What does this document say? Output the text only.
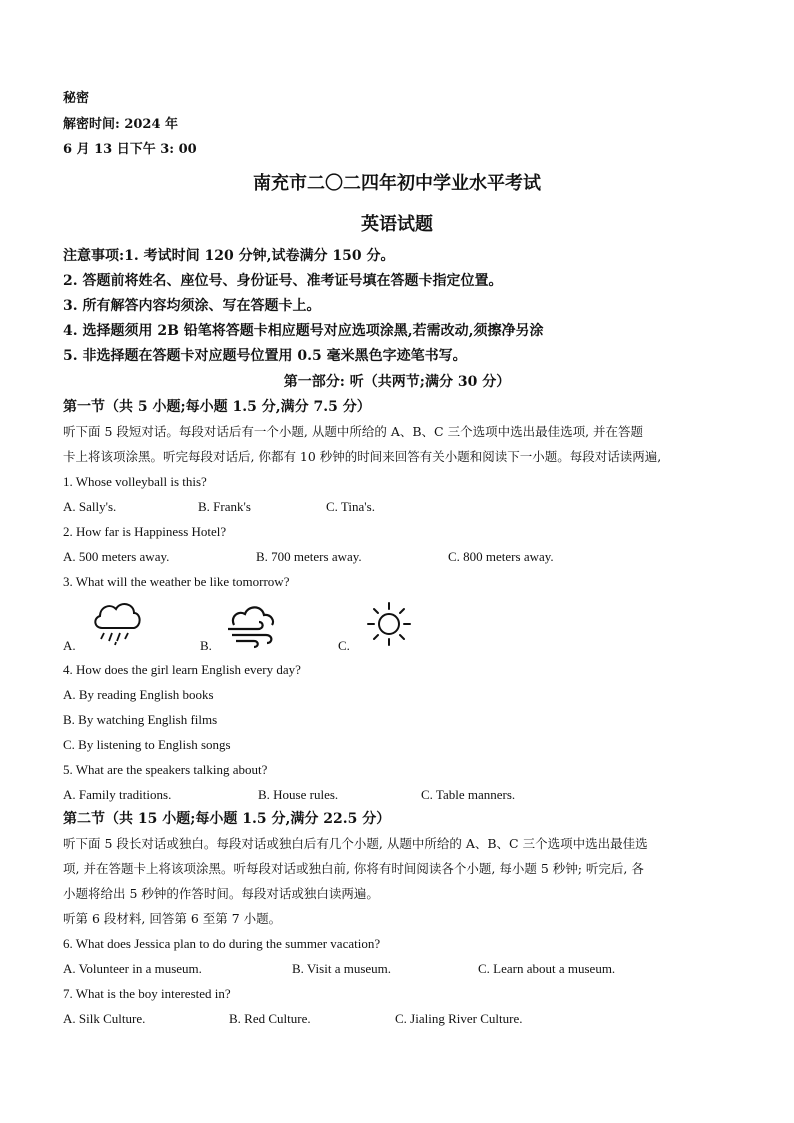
秘密
解密时间: 2024 年
6 月 13 日下午 3: 00
南充市二〇二四年初中学业水平考试
英语试题
注意事项:1. 考试时间 120 分钟,试卷满分 150 分。
2. 答题前将姓名、座位号、身份证号、准考证号填在答题卡指定位置。
3. 所有解答内容均须涂、写在答题卡上。
4. 选择题须用 2B 铅笔将答题卡相应题号对应选项涂黑,若需改动,须擦净另涂
5. 非选择题在答题卡对应题号位置用 0.5 毫米黑色字迹笔书写。
第一部分: 听（共两节;满分 30 分）
第一节（共 5 小题;每小题 1.5 分,满分 7.5 分）
听下面 5 段短对话。每段对话后有一个小题, 从题中所给的 A、B、C 三个选项中选出最佳选项, 并在答题
卡上将该项涂黑。听完每段对话后, 你都有 10 秒钟的时间来回答有关小题和阅读下一小题。每段对话读两遍,
1. Whose volleyball is this?
A. Sally's.	B. Frank's	C. Tina's.
2. How far is Happiness Hotel?
A. 500 meters away.	B. 700 meters away.	C. 800 meters away.
3. What will the weather be like tomorrow?
A.	B.	C.
4. How does the girl learn English every day?
A. By reading English books
B. By watching English films
C. By listening to English songs
5. What are the speakers talking about?
A. Family traditions.	B. House rules.	C. Table manners.
第二节（共 15 小题;每小题 1.5 分,满分 22.5 分）
听下面 5 段长对话或独白。每段对话或独白后有几个小题, 从题中所给的 A、B、C 三个选项中选出最佳选
项, 并在答题卡上将该项涂黑。听每段对话或独白前, 你将有时间阅读各个小题, 每小题 5 秒钟; 听完后, 各
小题将给出 5 秒钟的作答时间。每段对话或独白读两遍。
听第 6 段材料, 回答第 6 至第 7 小题。
6. What does Jessica plan to do during the summer vacation?
A. Volunteer in a museum.	B. Visit a museum.	C. Learn about a museum.
7. What is the boy interested in?
A. Silk Culture.	B. Red Culture.	C. Jialing River Culture.
